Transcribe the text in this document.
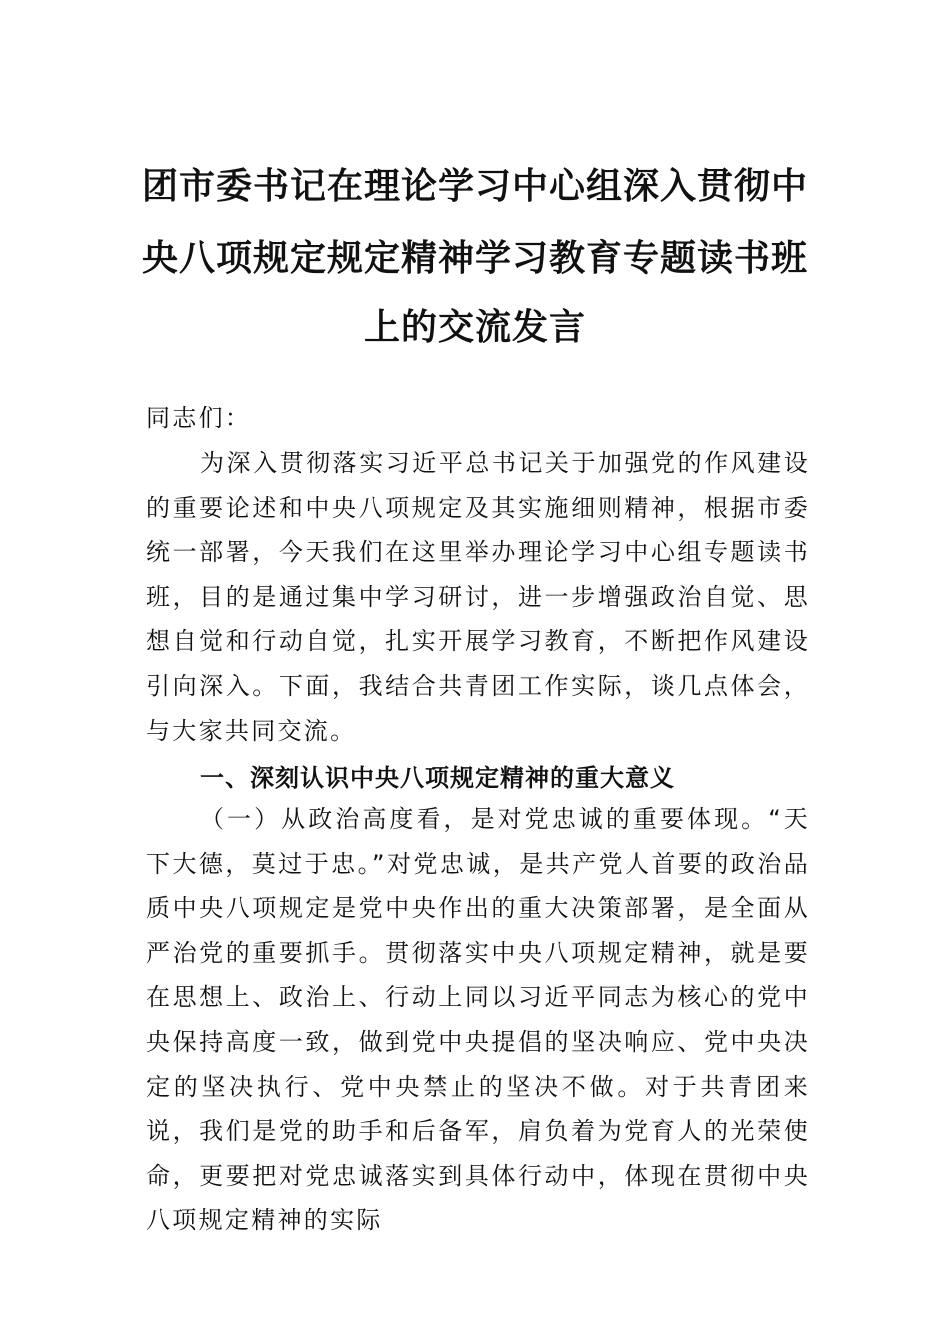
团市委书记在理论学习中心组深入贯彻中
央八项规定规定精神学习教育专题读书班
上的交流发言

同志们：

为深入贯彻落实习近平总书记关于加强党的作风建设的重要论述和中央八项规定及其实施细则精神，根据市委统一部署，今天我们在这里举办理论学习中心组专题读书班，目的是通过集中学习研讨，进一步增强政治自觉、思想自觉和行动自觉，扎实开展学习教育，不断把作风建设引向深入。下面，我结合共青团工作实际，谈几点体会，与大家共同交流。

一、深刻认识中央八项规定精神的重大意义

（一）从政治高度看，是对党忠诚的重要体现。“天下大德，莫过于忠。”对党忠诚，是共产党人首要的政治品质中央八项规定是党中央作出的重大决策部署，是全面从严治党的重要抓手。贯彻落实中央八项规定精神，就是要在思想上、政治上、行动上同以习近平同志为核心的党中央保持高度一致，做到党中央提倡的坚决响应、党中央决定的坚决执行、党中央禁止的坚决不做。对于共青团来说，我们是党的助手和后备军，肩负着为党育人的光荣使命，更要把对党忠诚落实到具体行动中，体现在贯彻中央八项规定精神的实际
